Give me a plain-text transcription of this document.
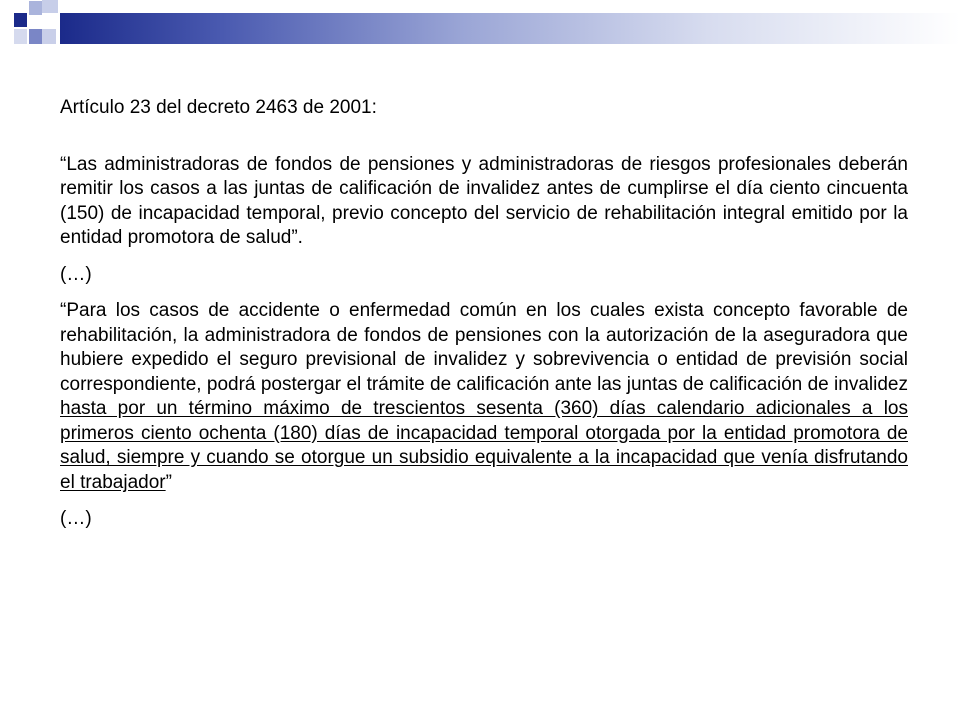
Artículo 23 del decreto 2463 de 2001:

“Las administradoras de fondos de pensiones y administradoras de riesgos profesionales deberán remitir los casos a las juntas de calificación de invalidez antes de cumplirse el día ciento cincuenta (150) de incapacidad temporal, previo concepto del servicio de rehabilitación integral emitido por la entidad promotora de salud”.

(…)

“Para los casos de accidente o enfermedad común en los cuales exista concepto favorable de rehabilitación, la administradora de fondos de pensiones con la autorización de la aseguradora que hubiere expedido el seguro previsional de invalidez y sobrevivencia o entidad de previsión social correspondiente, podrá postergar el trámite de calificación ante las juntas de calificación de invalidez hasta por un término máximo de trescientos sesenta (360) días calendario adicionales a los primeros ciento ochenta (180) días de incapacidad temporal otorgada por la entidad promotora de salud, siempre y cuando se otorgue un subsidio equivalente a la incapacidad que venía disfrutando el trabajador”

(…)
